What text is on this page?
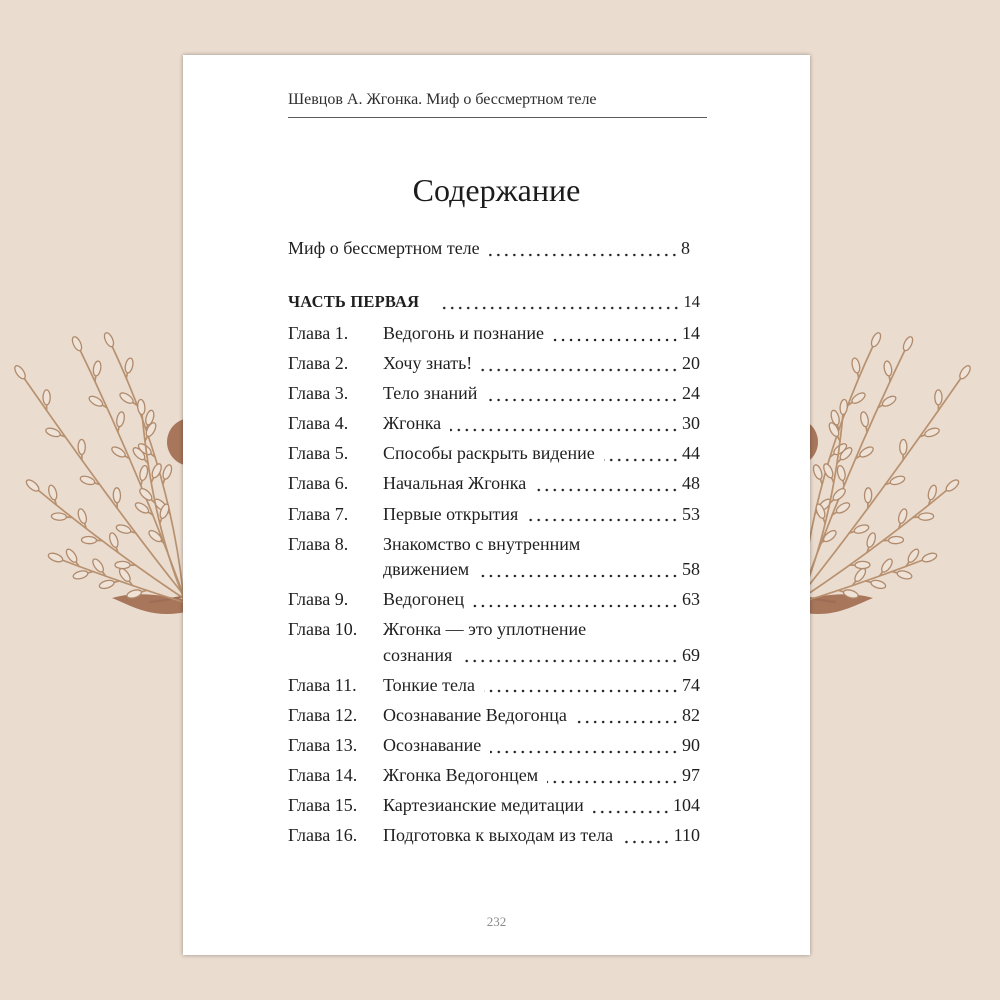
Шевцов А. Жгонка. Миф о бессмертном теле
Содержание
Миф о бессмертном теле	8
ЧАСТЬ ПЕРВАЯ	14
Глава 1.	Ведогонь и познание	14
Глава 2.	Хочу знать!	20
Глава 3.	Тело знаний	24
Глава 4.	Жгонка	30
Глава 5.	Способы раскрыть видение	44
Глава 6.	Начальная Жгонка	48
Глава 7.	Первые открытия	53
Глава 8.	Знакомство с внутренним
движением	58
Глава 9.	Ведогонец	63
Глава 10.	Жгонка — это уплотнение
сознания	69
Глава 11.	Тонкие тела	74
Глава 12.	Осознавание Ведогонца	82
Глава 13.	Осознавание	90
Глава 14.	Жгонка Ведогонцем	97
Глава 15.	Картезианские медитации	104
Глава 16.	Подготовка к выходам из тела	110
232
